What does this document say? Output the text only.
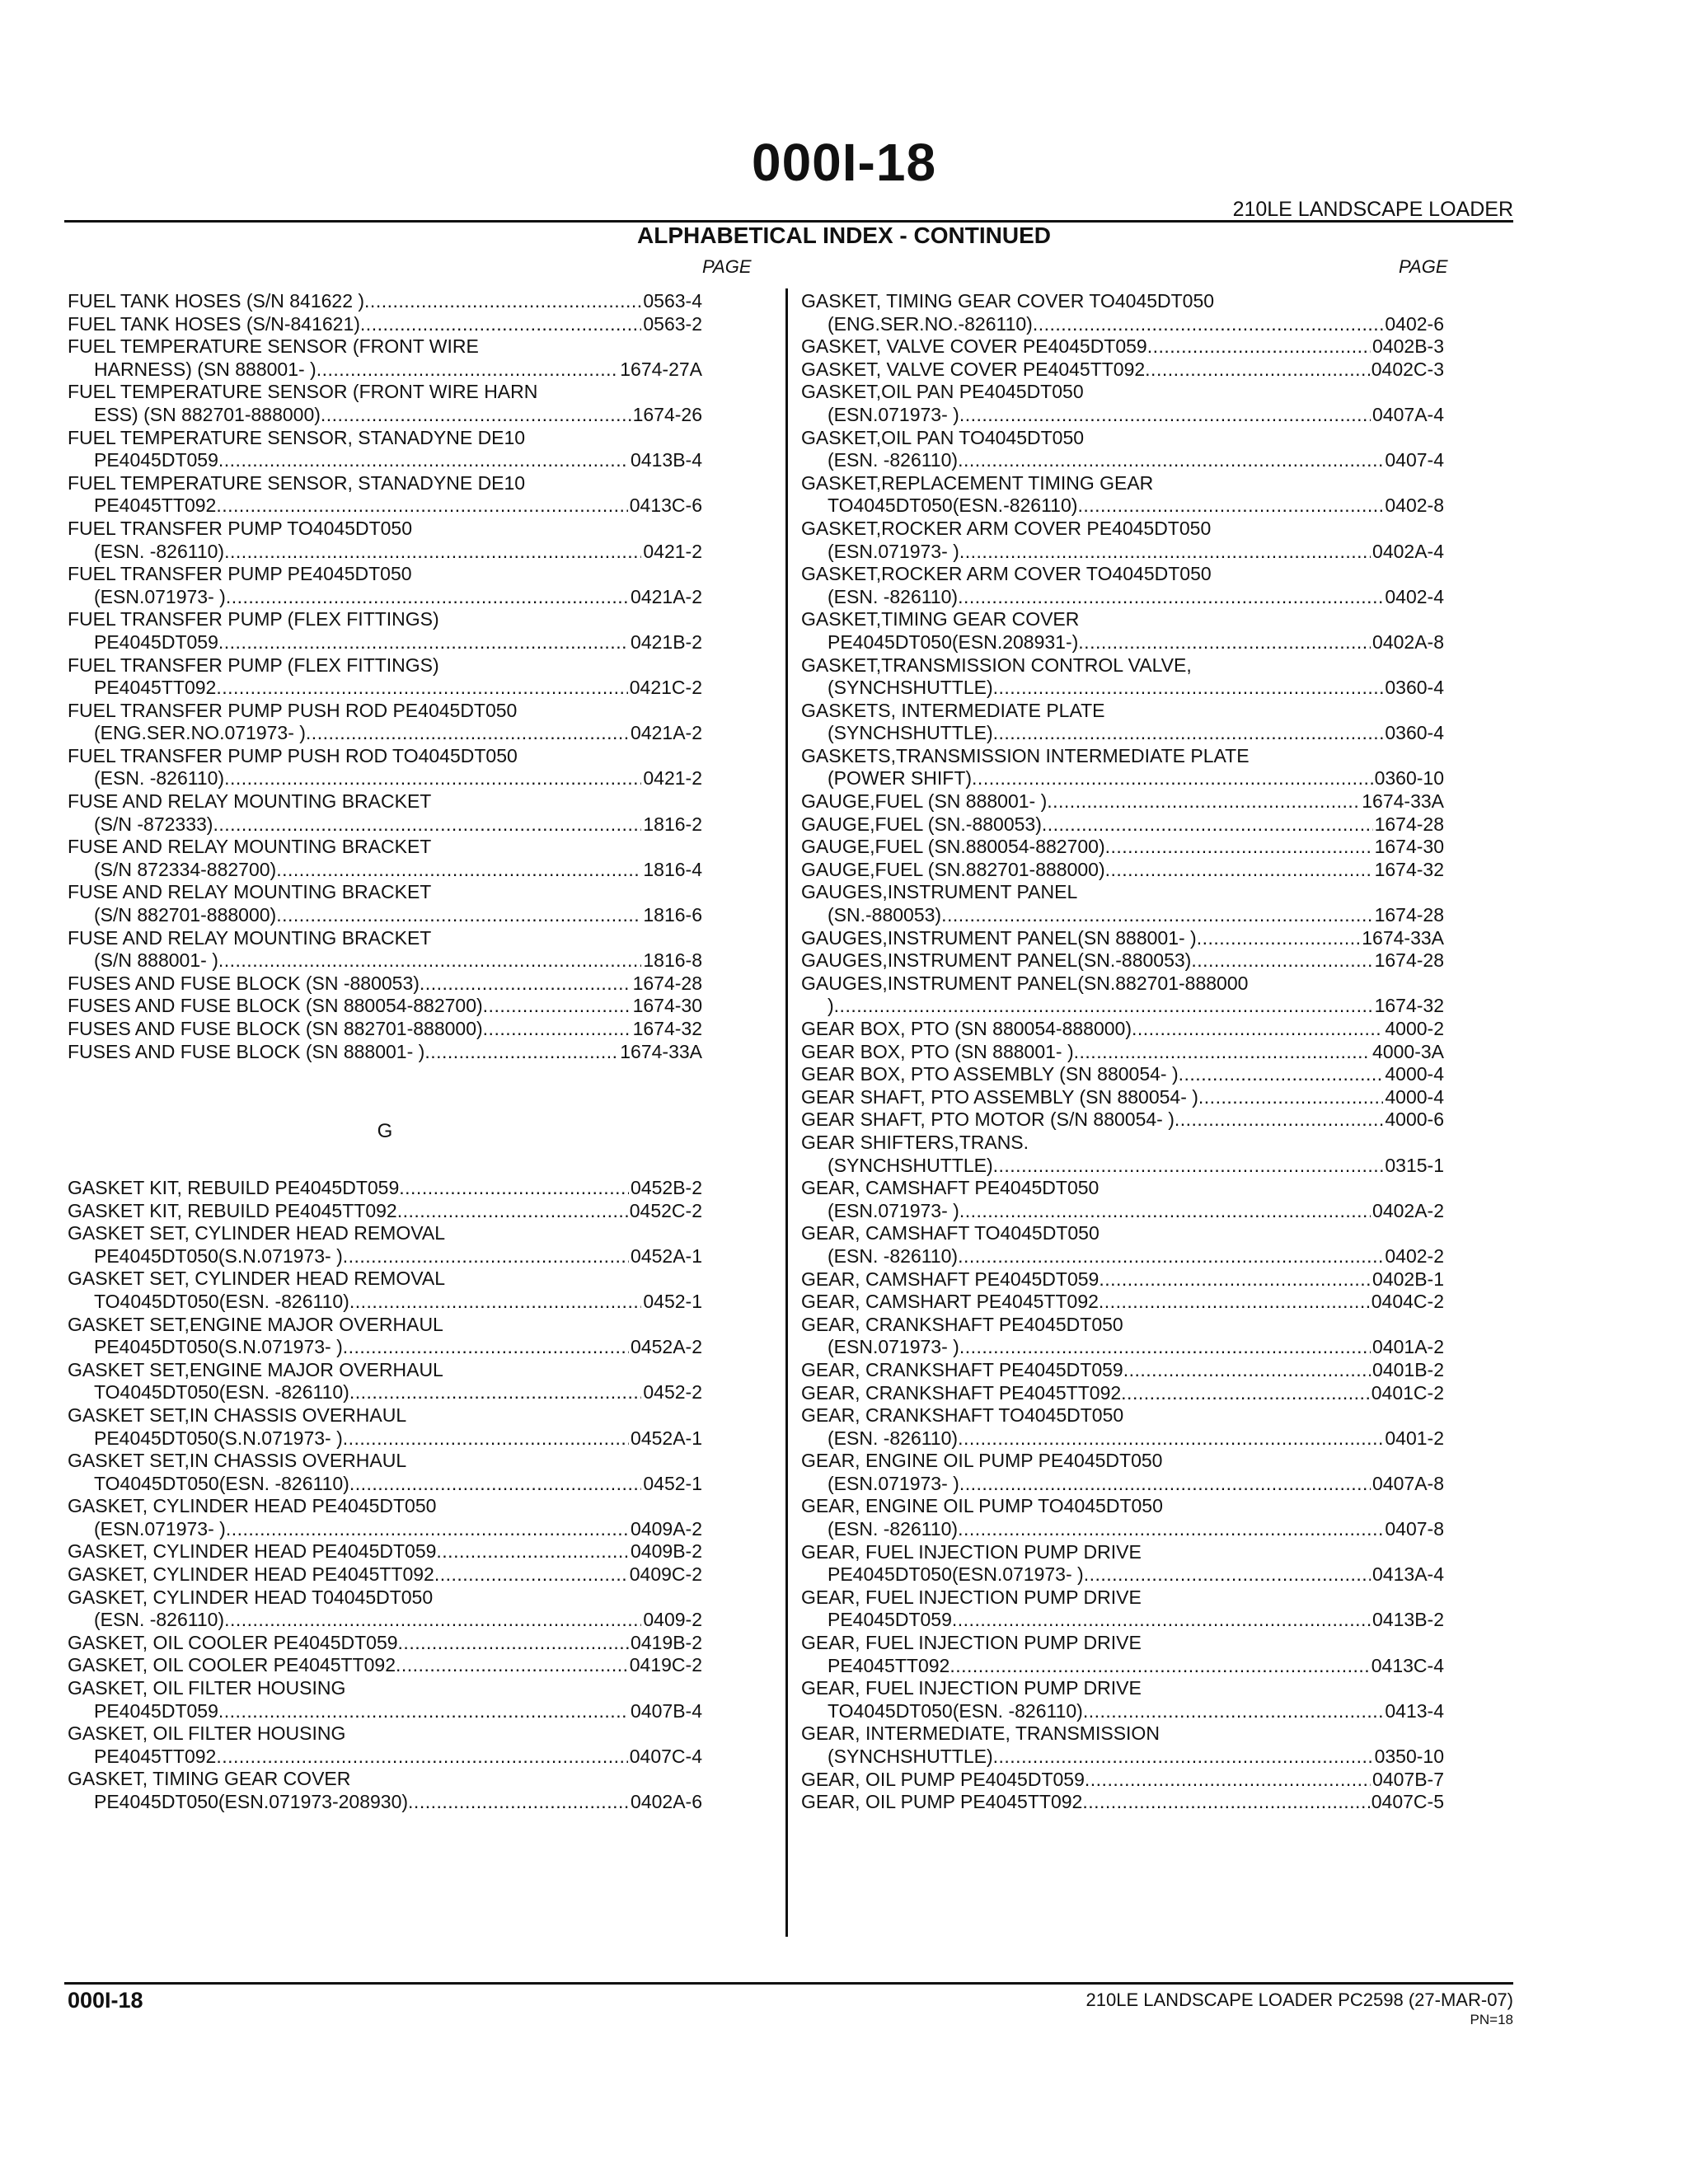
000I-18
210LE LANDSCAPE LOADER
ALPHABETICAL INDEX - CONTINUED
PAGE	PAGE
FUEL TANK HOSES (S/N 841622 ) .....	0563-4
FUEL TANK HOSES (S/N-841621) .....	0563-2
FUEL TEMPERATURE SENSOR (FRONT WIRE
HARNESS) (SN 888001- ) .....	1674-27A
FUEL TEMPERATURE SENSOR (FRONT WIRE HARN
ESS) (SN 882701-888000) .....	1674-26
FUEL TEMPERATURE SENSOR, STANADYNE DE10
PE4045DT059 .....	0413B-4
FUEL TEMPERATURE SENSOR, STANADYNE DE10
PE4045TT092 .....	0413C-6
FUEL TRANSFER PUMP TO4045DT050
(ESN. -826110) .....	0421-2
FUEL TRANSFER PUMP PE4045DT050
(ESN.071973- ) .....	0421A-2
FUEL TRANSFER PUMP (FLEX FITTINGS)
PE4045DT059 .....	0421B-2
FUEL TRANSFER PUMP (FLEX FITTINGS)
PE4045TT092 .....	0421C-2
FUEL TRANSFER PUMP PUSH ROD PE4045DT050
(ENG.SER.NO.071973- ) .....	0421A-2
FUEL TRANSFER PUMP PUSH ROD TO4045DT050
(ESN. -826110) .....	0421-2
FUSE AND RELAY MOUNTING BRACKET
(S/N -872333) .....	1816-2
FUSE AND RELAY MOUNTING BRACKET
(S/N 872334-882700) .....	1816-4
FUSE AND RELAY MOUNTING BRACKET
(S/N 882701-888000) .....	1816-6
FUSE AND RELAY MOUNTING BRACKET
(S/N 888001- ) .....	1816-8
FUSES AND FUSE BLOCK (SN -880053) .....	1674-28
FUSES AND FUSE BLOCK (SN 880054-882700) .....	1674-30
FUSES AND FUSE BLOCK (SN 882701-888000) .....	1674-32
FUSES AND FUSE BLOCK (SN 888001- ) .....	1674-33A
G
GASKET KIT, REBUILD PE4045DT059 .....	0452B-2
GASKET KIT, REBUILD PE4045TT092 .....	0452C-2
GASKET SET, CYLINDER HEAD REMOVAL
PE4045DT050(S.N.071973- ) .....	0452A-1
GASKET SET, CYLINDER HEAD REMOVAL
TO4045DT050(ESN. -826110) .....	0452-1
GASKET SET,ENGINE MAJOR OVERHAUL
PE4045DT050(S.N.071973- ) .....	0452A-2
GASKET SET,ENGINE MAJOR OVERHAUL
TO4045DT050(ESN. -826110) .....	0452-2
GASKET SET,IN CHASSIS OVERHAUL
PE4045DT050(S.N.071973- ) .....	0452A-1
GASKET SET,IN CHASSIS OVERHAUL
TO4045DT050(ESN. -826110) .....	0452-1
GASKET, CYLINDER HEAD PE4045DT050
(ESN.071973- ) .....	0409A-2
GASKET, CYLINDER HEAD PE4045DT059 .....	0409B-2
GASKET, CYLINDER HEAD PE4045TT092 .....	0409C-2
GASKET, CYLINDER HEAD T04045DT050
(ESN. -826110) .....	0409-2
GASKET, OIL COOLER PE4045DT059 .....	0419B-2
GASKET, OIL COOLER PE4045TT092 .....	0419C-2
GASKET, OIL FILTER HOUSING
PE4045DT059 .....	0407B-4
GASKET, OIL FILTER HOUSING
PE4045TT092 .....	0407C-4
GASKET, TIMING GEAR COVER
PE4045DT050(ESN.071973-208930) .....	0402A-6
GASKET, TIMING GEAR COVER TO4045DT050
(ENG.SER.NO.-826110) .....	0402-6
GASKET, VALVE COVER PE4045DT059 .....	0402B-3
GASKET, VALVE COVER PE4045TT092 .....	0402C-3
GASKET,OIL PAN PE4045DT050
(ESN.071973- ) .....	0407A-4
GASKET,OIL PAN TO4045DT050
(ESN. -826110) .....	0407-4
GASKET,REPLACEMENT TIMING GEAR
TO4045DT050(ESN.-826110) .....	0402-8
GASKET,ROCKER ARM COVER PE4045DT050
(ESN.071973- ) .....	0402A-4
GASKET,ROCKER ARM COVER TO4045DT050
(ESN. -826110) .....	0402-4
GASKET,TIMING GEAR COVER
PE4045DT050(ESN.208931-) .....	0402A-8
GASKET,TRANSMISSION CONTROL VALVE,
(SYNCHSHUTTLE) .....	0360-4
GASKETS, INTERMEDIATE PLATE
(SYNCHSHUTTLE) .....	0360-4
GASKETS,TRANSMISSION INTERMEDIATE PLATE
(POWER SHIFT) .....	0360-10
GAUGE,FUEL (SN 888001- ) .....	1674-33A
GAUGE,FUEL (SN.-880053) .....	1674-28
GAUGE,FUEL (SN.880054-882700) .....	1674-30
GAUGE,FUEL (SN.882701-888000) .....	1674-32
GAUGES,INSTRUMENT PANEL
(SN.-880053) .....	1674-28
GAUGES,INSTRUMENT PANEL(SN 888001- ) .....	1674-33A
GAUGES,INSTRUMENT PANEL(SN.-880053) .....	1674-28
GAUGES,INSTRUMENT PANEL(SN.882701-888000
) .....	1674-32
GEAR BOX, PTO (SN 880054-888000) .....	4000-2
GEAR BOX, PTO (SN 888001- ) .....	4000-3A
GEAR BOX, PTO ASSEMBLY (SN 880054- ) .....	4000-4
GEAR SHAFT, PTO ASSEMBLY (SN 880054- ) .....	4000-4
GEAR SHAFT, PTO MOTOR (S/N 880054- ) .....	4000-6
GEAR SHIFTERS,TRANS.
(SYNCHSHUTTLE) .....	0315-1
GEAR, CAMSHAFT PE4045DT050
(ESN.071973- ) .....	0402A-2
GEAR, CAMSHAFT TO4045DT050
(ESN. -826110) .....	0402-2
GEAR, CAMSHAFT PE4045DT059 .....	0402B-1
GEAR, CAMSHART PE4045TT092 .....	0404C-2
GEAR, CRANKSHAFT PE4045DT050
(ESN.071973- ) .....	0401A-2
GEAR, CRANKSHAFT PE4045DT059 .....	0401B-2
GEAR, CRANKSHAFT PE4045TT092 .....	0401C-2
GEAR, CRANKSHAFT TO4045DT050
(ESN. -826110) .....	0401-2
GEAR, ENGINE OIL PUMP PE4045DT050
(ESN.071973- ) .....	0407A-8
GEAR, ENGINE OIL PUMP TO4045DT050
(ESN. -826110) .....	0407-8
GEAR, FUEL INJECTION PUMP DRIVE
PE4045DT050(ESN.071973- ) .....	0413A-4
GEAR, FUEL INJECTION PUMP DRIVE
PE4045DT059 .....	0413B-2
GEAR, FUEL INJECTION PUMP DRIVE
PE4045TT092 .....	0413C-4
GEAR, FUEL INJECTION PUMP DRIVE
TO4045DT050(ESN. -826110) .....	0413-4
GEAR, INTERMEDIATE, TRANSMISSION
(SYNCHSHUTTLE) .....	0350-10
GEAR, OIL PUMP PE4045DT059 .....	0407B-7
GEAR, OIL PUMP PE4045TT092 .....	0407C-5
000I-18	210LE LANDSCAPE LOADER PC2598 (27-MAR-07)
PN=18
